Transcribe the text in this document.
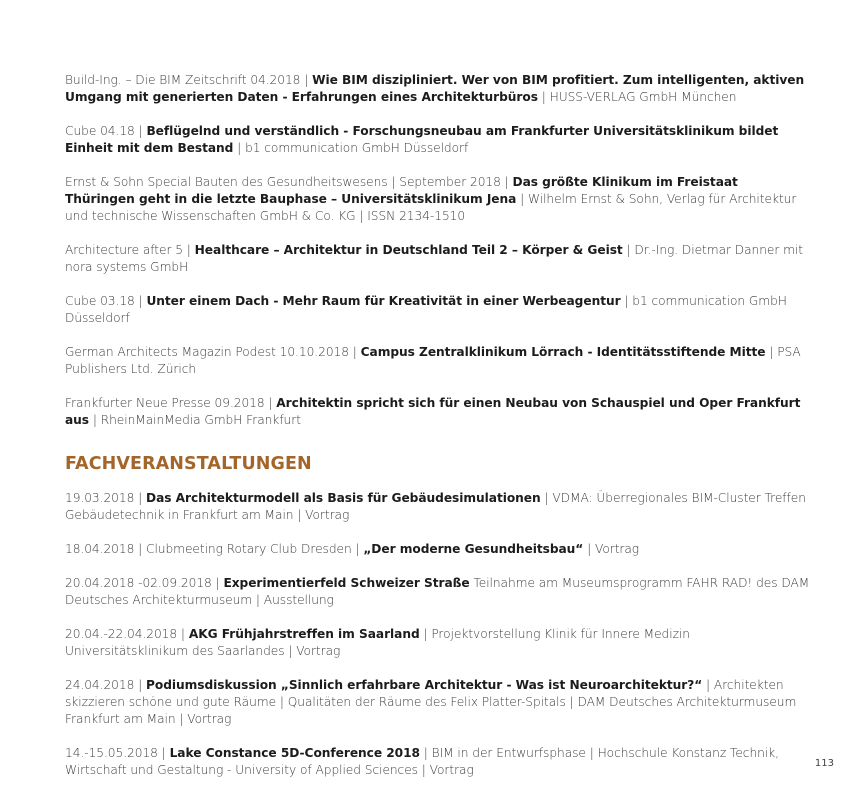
Build-Ing. – Die BIM Zeitschrift 04.2018 | Wie BIM diszipliniert. Wer von BIM profitiert. Zum intelligenten, aktiven Umgang mit generierten Daten - Erfahrungen eines Architekturbüros | HUSS-VERLAG GmbH München
Cube 04.18 | Beflügelnd und verständlich - Forschungsneubau am Frankfurter Universitätsklinikum bildet Einheit mit dem Bestand | b1 communication GmbH Düsseldorf
Ernst & Sohn Special Bauten des Gesundheitswesens | September 2018 | Das größte Klinikum im Freistaat Thüringen geht in die letzte Bauphase – Universitätsklinikum Jena | Wilhelm Ernst & Sohn, Verlag für Architektur und technische Wissenschaften GmbH & Co. KG | ISSN 2134-1510
Architecture after 5 | Healthcare – Architektur in Deutschland Teil 2 – Körper & Geist | Dr.-Ing. Dietmar Danner mit nora systems GmbH
Cube 03.18 | Unter einem Dach - Mehr Raum für Kreativität in einer Werbeagentur | b1 communication GmbH Düsseldorf
German Architects Magazin Podest 10.10.2018 | Campus Zentralklinikum Lörrach - Identitätsstiftende Mitte | PSA Publishers Ltd. Zürich
Frankfurter Neue Presse 09.2018 | Architektin spricht sich für einen Neubau von Schauspiel und Oper Frankfurt aus | RheinMainMedia GmbH Frankfurt
FACHVERANSTALTUNGEN
19.03.2018 | Das Architekturmodell als Basis für Gebäudesimulationen | VDMA: Überregionales BIM-Cluster Treffen Gebäudetechnik in Frankfurt am Main | Vortrag
18.04.2018 | Clubmeeting Rotary Club Dresden | „Der moderne Gesundheitsbau“ | Vortrag
20.04.2018 -02.09.2018 | Experimentierfeld Schweizer Straße Teilnahme am Museumsprogramm FAHR RAD! des DAM Deutsches Architekturmuseum | Ausstellung
20.04.-22.04.2018 | AKG Frühjahrstreffen im Saarland | Projektvorstellung Klinik für Innere Medizin Universitätsklinikum des Saarlandes | Vortrag
24.04.2018 | Podiumsdiskussion „Sinnlich erfahrbare Architektur - Was ist Neuroarchitektur?“ | Architekten skizzieren schöne und gute Räume | Qualitäten der Räume des Felix Platter-Spitals | DAM Deutsches Architekturmuseum Frankfurt am Main | Vortrag
14.-15.05.2018 | Lake Constance 5D-Conference 2018 | BIM in der Entwurfsphase | Hochschule Konstanz Technik, Wirtschaft und Gestaltung - University of Applied Sciences | Vortrag	113
